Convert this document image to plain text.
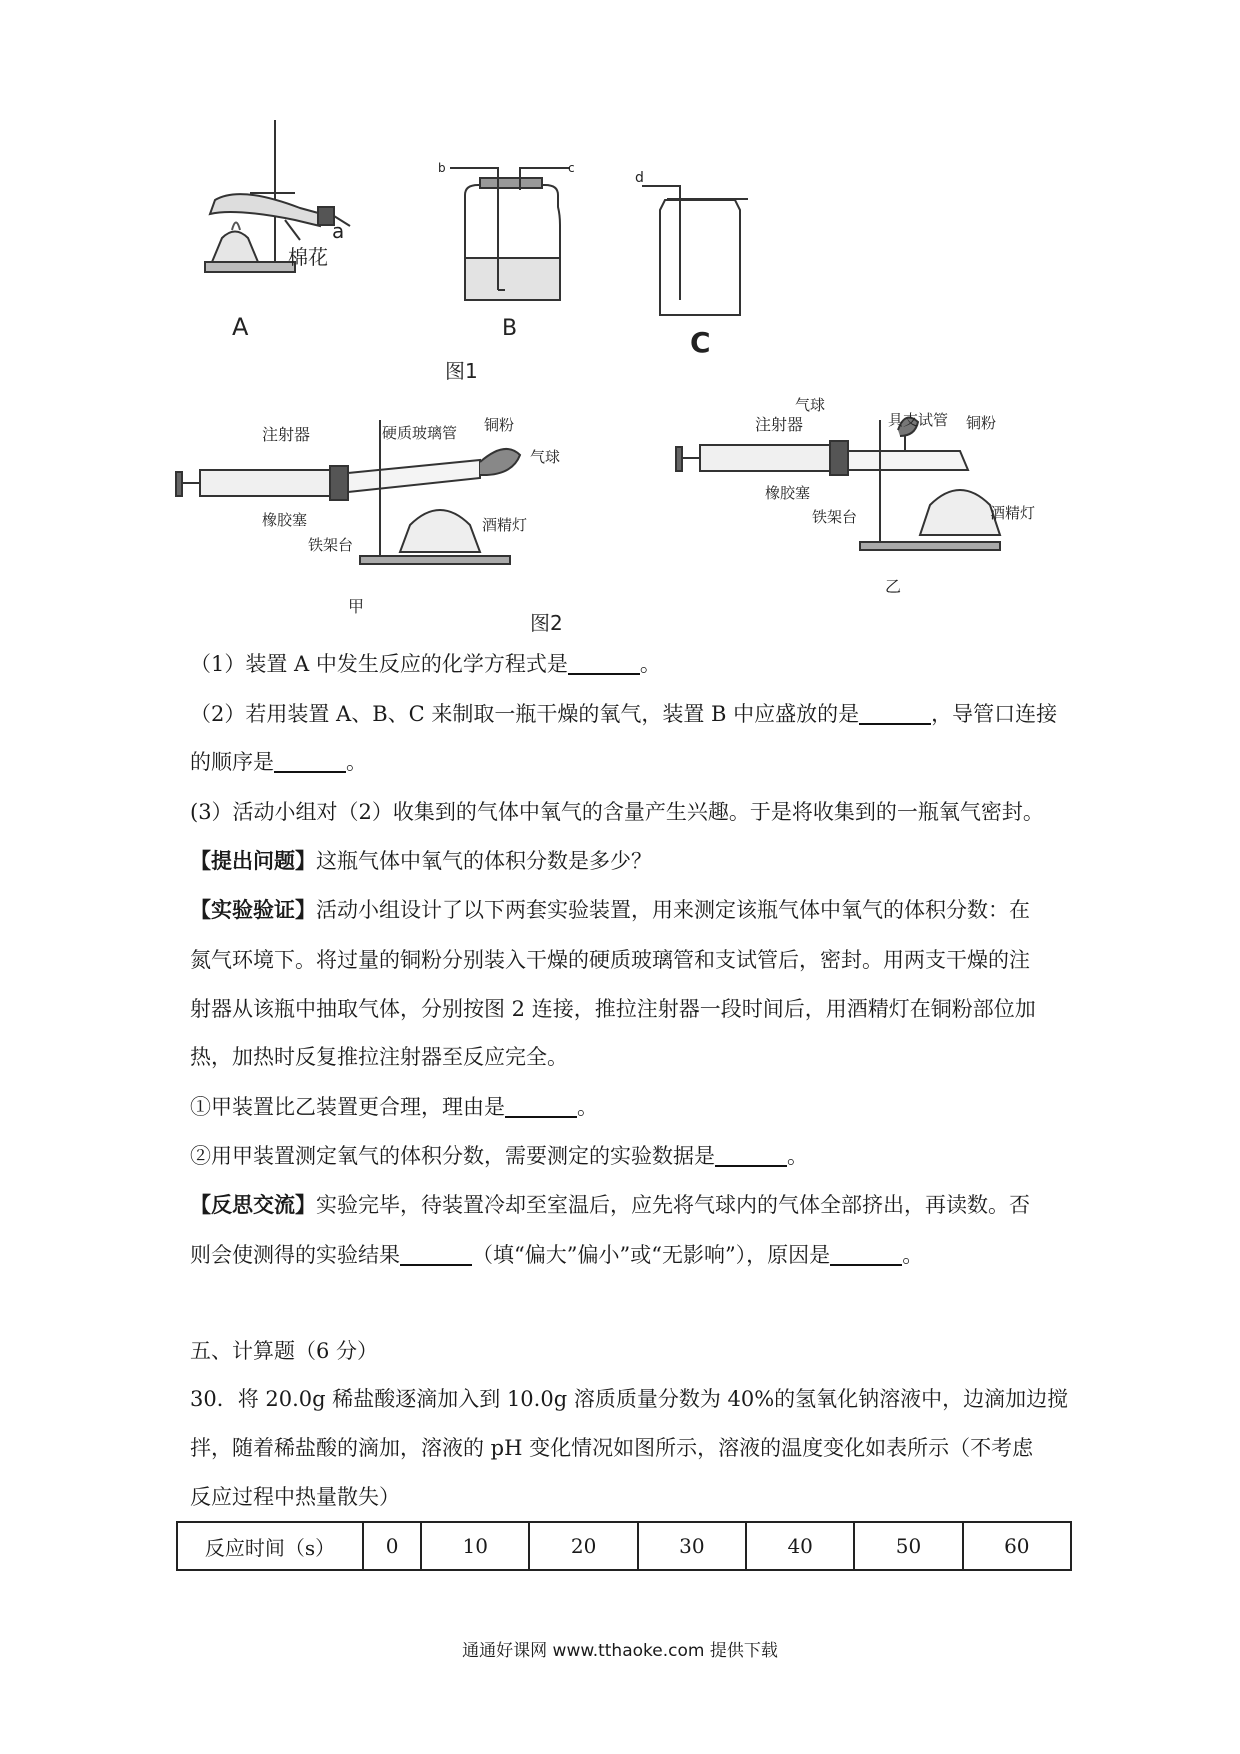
a
棉花
A
b	c
B
d
C
图1
注射器	硬质玻璃管 铜粉
气球
橡胶塞
铁架台
酒精灯
甲
图2
气球
注射器	具支试管 铜粉
橡胶塞
铁架台	酒精灯
乙
（1）装置 A 中发生反应的化学方程式是	。
（2）若用装置 A、B、C 来制取一瓶干燥的氧气，装置 B 中应盛放的是	，导管口连接
的顺序是	。
(3）活动小组对（2）收集到的气体中氧气的含量产生兴趣。于是将收集到的一瓶氧气密封。
【提出问题】这瓶气体中氧气的体积分数是多少？
【实验验证】活动小组设计了以下两套实验装置，用来测定该瓶气体中氧气的体积分数：在
氮气环境下。将过量的铜粉分别装入干燥的硬质玻璃管和支试管后，密封。用两支干燥的注
射器从该瓶中抽取气体，分别按图 2 连接，推拉注射器一段时间后，用酒精灯在铜粉部位加
热，加热时反复推拉注射器至反应完全。
①甲装置比乙装置更合理，理由是	。
②用甲装置测定氧气的体积分数，需要测定的实验数据是	。
【反思交流】实验完毕，待装置冷却至室温后，应先将气球内的气体全部挤出，再读数。否
则会使测得的实验结果	（填“偏大”偏小”或“无影响”），原因是	。
五、计算题（6 分）
30．将 20.0g 稀盐酸逐滴加入到 10.0g 溶质质量分数为 40%的氢氧化钠溶液中，边滴加边搅
拌，随着稀盐酸的滴加，溶液的 pH 变化情况如图所示，溶液的温度变化如表所示（不考虑
反应过程中热量散失）
反应时间（s）	0	10	20	30	40	50	60
通通好课网 www.tthaoke.com 提供下载
